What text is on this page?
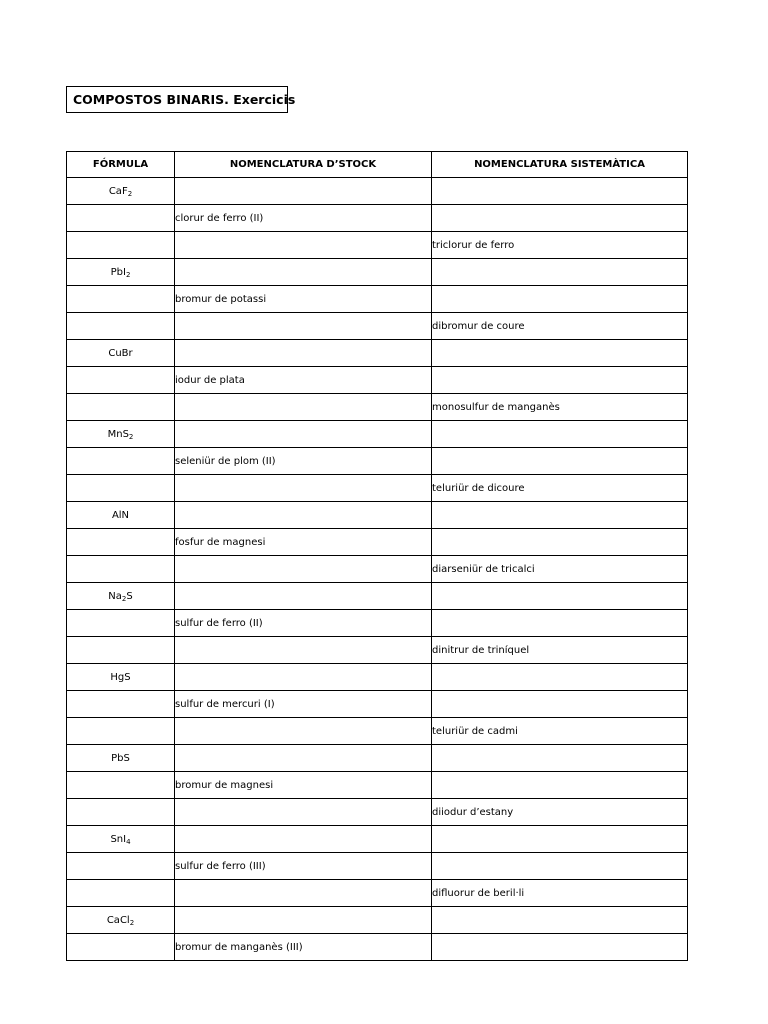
COMPOSTOS BINARIS. Exercicis
FÓRMULA	NOMENCLATURA D’STOCK	NOMENCLATURA SISTEMÀTICA
CaF$_2$		
	clorur de ferro (II)	
		triclorur de ferro
PbI$_2$		
	bromur de potassi	
		dibromur de coure
CuBr		
	iodur de plata	
		monosulfur de manganès
MnS$_2$		
	seleniür de plom (II)	
		teluriür de dicoure
AlN		
	fosfur de magnesi	
		diarseniür de tricalci
$Na_2S$		
	sulfur de ferro (II)	
		dinitrur de triníquel
HgS		
	sulfur de mercuri (I)	
		teluriür de cadmi
PbS		
	bromur de magnesi	
		diiodur d’estany
SnI$_4$		
	sulfur de ferro (III)	
		difluorur de beril·li
CaCl$_2$		
	bromur de manganès (III)	
